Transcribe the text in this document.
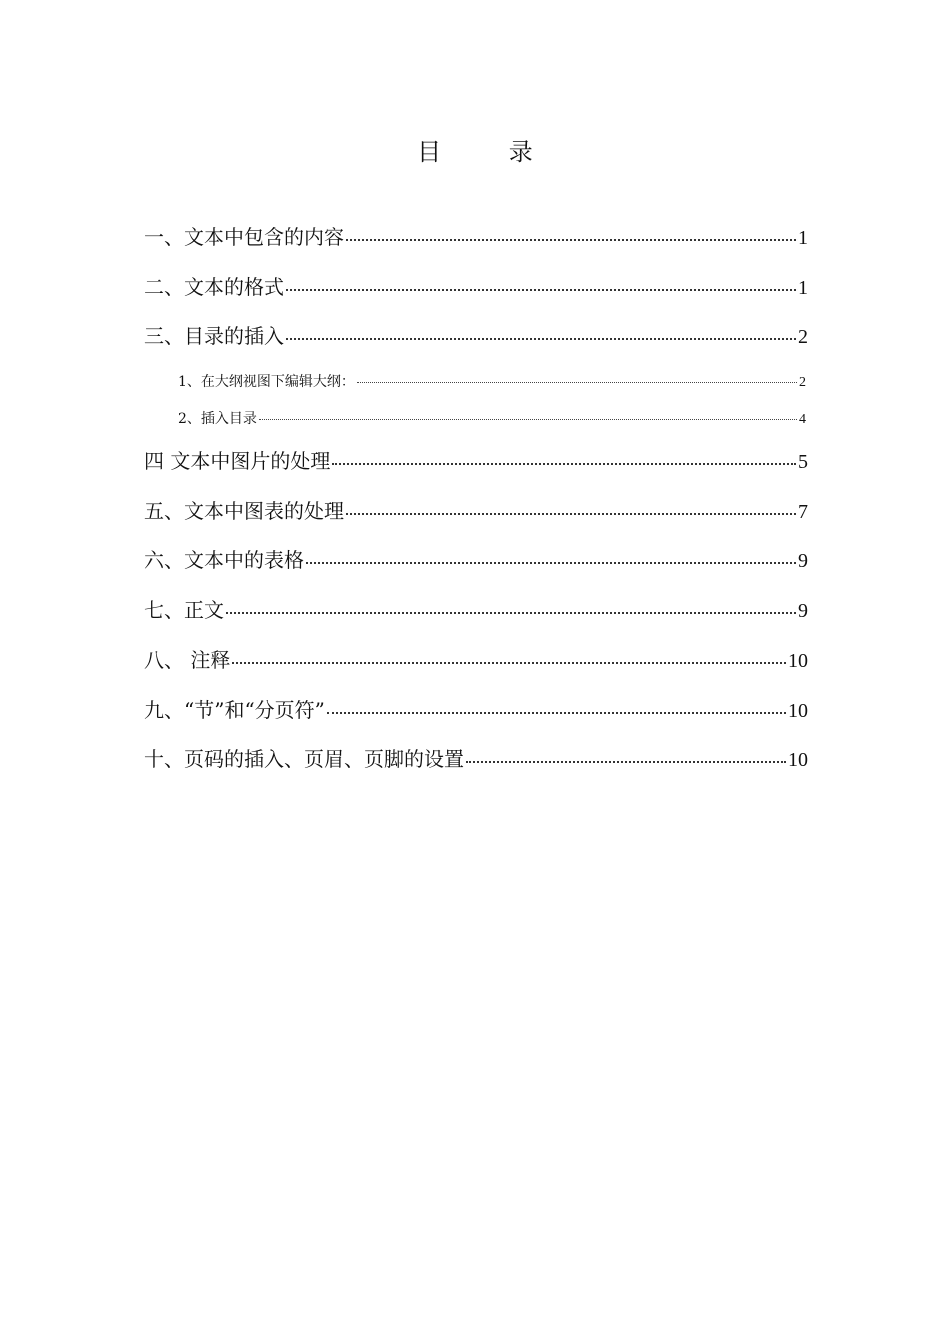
目 录
一、文本中包含的内容	1
二、文本的格式	1
三、目录的插入	2
1、在大纲视图下编辑大纲：	2
2、插入目录	4
四 文本中图片的处理	5
五、文本中图表的处理	7
六、文本中的表格	9
七、正文	9
八、 注释	10
九、“节”和“分页符”	10
十、页码的插入、页眉、页脚的设置	10
